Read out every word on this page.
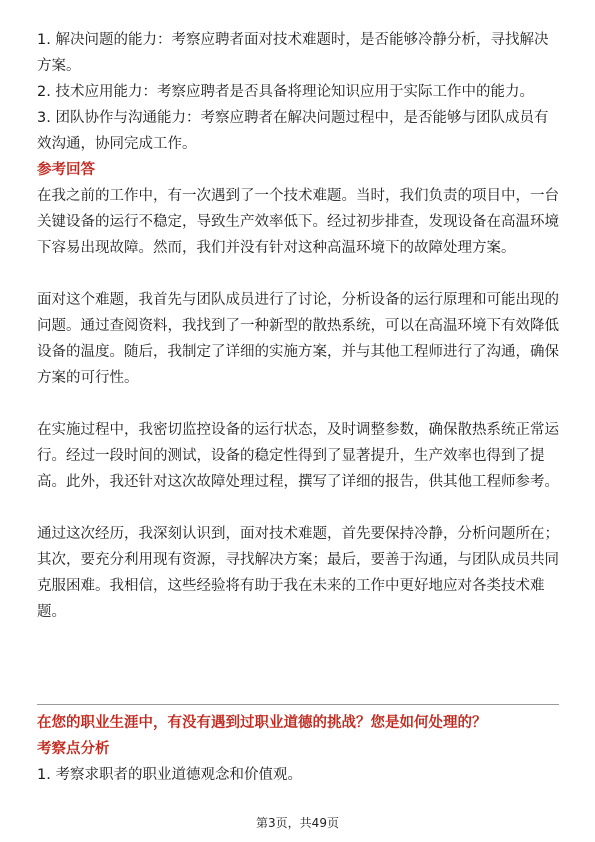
1. 解决问题的能力：考察应聘者面对技术难题时，是否能够冷静分析，寻找解决方案。

2. 技术应用能力：考察应聘者是否具备将理论知识应用于实际工作中的能力。

3. 团队协作与沟通能力：考察应聘者在解决问题过程中，是否能够与团队成员有效沟通，协同完成工作。

参考回答

在我之前的工作中，有一次遇到了一个技术难题。当时，我们负责的项目中，一台关键设备的运行不稳定，导致生产效率低下。经过初步排查，发现设备在高温环境下容易出现故障。然而，我们并没有针对这种高温环境下的故障处理方案。

面对这个难题，我首先与团队成员进行了讨论，分析设备的运行原理和可能出现的问题。通过查阅资料，我找到了一种新型的散热系统，可以在高温环境下有效降低设备的温度。随后，我制定了详细的实施方案，并与其他工程师进行了沟通，确保方案的可行性。

在实施过程中，我密切监控设备的运行状态，及时调整参数，确保散热系统正常运行。经过一段时间的测试，设备的稳定性得到了显著提升，生产效率也得到了提高。此外，我还针对这次故障处理过程，撰写了详细的报告，供其他工程师参考。

通过这次经历，我深刻认识到，面对技术难题，首先要保持冷静，分析问题所在；其次，要充分利用现有资源，寻找解决方案；最后，要善于沟通，与团队成员共同克服困难。我相信，这些经验将有助于我在未来的工作中更好地应对各类技术难题。

在您的职业生涯中，有没有遇到过职业道德的挑战？您是如何处理的？

考察点分析

1. 考察求职者的职业道德观念和价值观。

第3页，共49页
